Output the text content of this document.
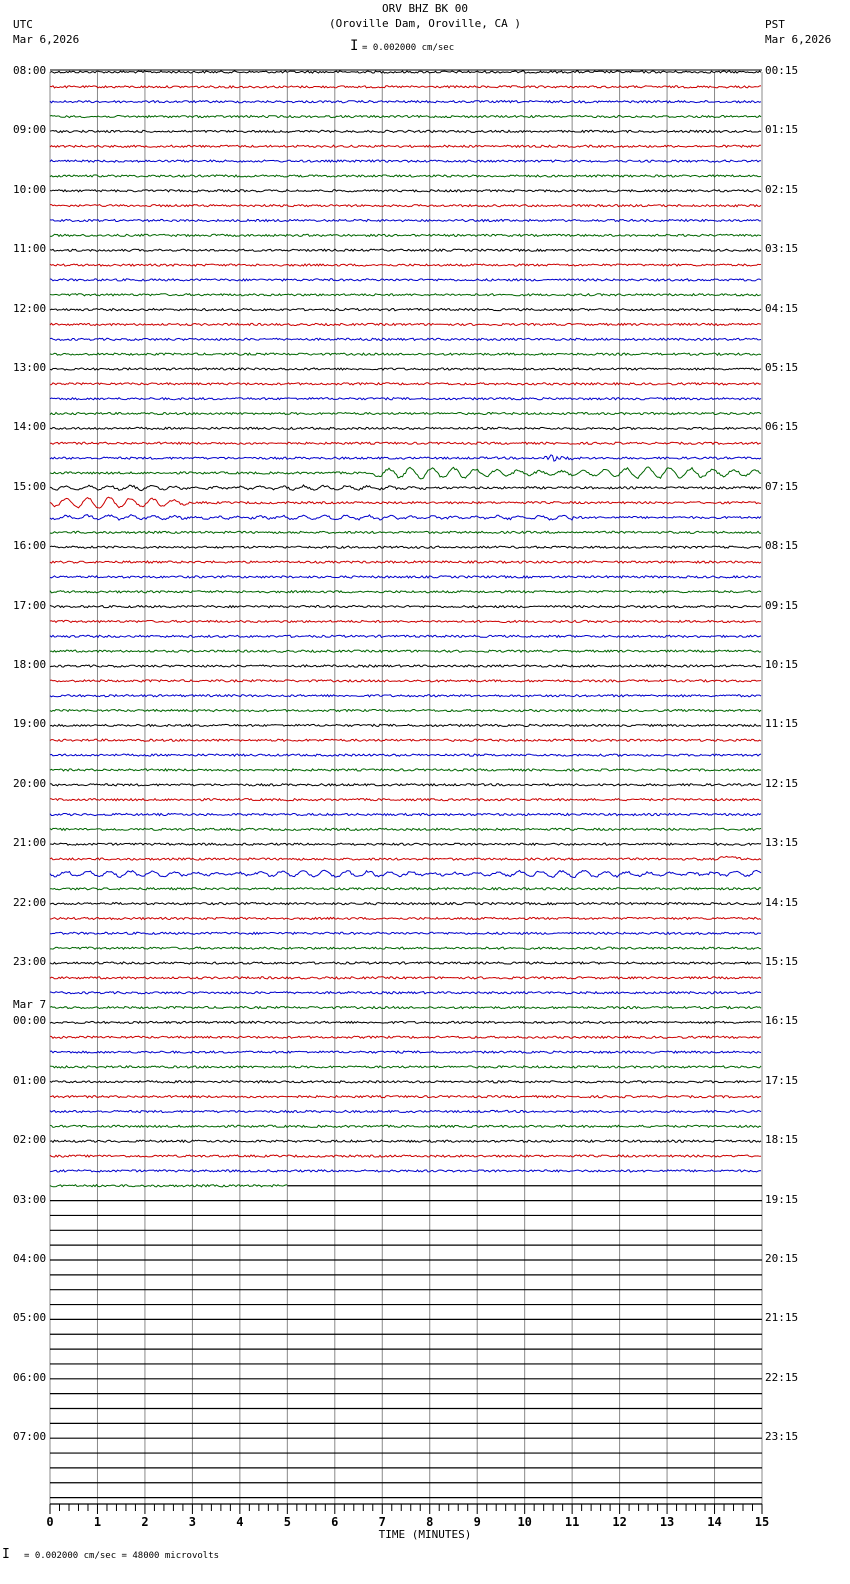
ORV BHZ BK 00
(Oroville Dam, Oroville, CA )
UTC
Mar 6,2026
PST
Mar 6,2026
I = 0.002000 cm/sec
0	1	2	3	4	5	6	7	8	9	10	11	12	13	14	15
08:00
09:00
10:00
11:00
12:00
13:00
14:00
15:00
16:00
17:00
18:00
19:00
20:00
21:00
22:00
23:00
00:00
01:00
02:00
03:00
04:00
05:00
06:00
07:00
00:15
01:15
02:15
03:15
04:15
05:15
06:15
07:15
08:15
09:15
10:15
11:15
12:15
13:15
14:15
15:15
16:15
17:15
18:15
19:15
20:15
21:15
22:15
23:15
Mar 7
TIME (MINUTES)
I = 0.002000 cm/sec = 48000 microvolts
